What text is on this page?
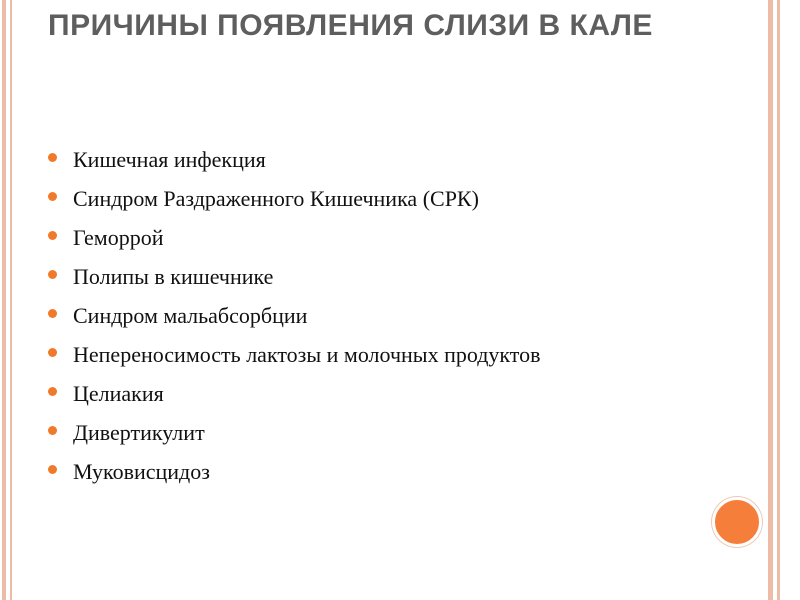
ПРИЧИНЫ ПОЯВЛЕНИЯ СЛИЗИ В КАЛЕ
Кишечная инфекция
Синдром Раздраженного Кишечника (СРК)
Геморрой
Полипы в кишечнике
Синдром мальабсорбции
Непереносимость лактозы и молочных продуктов
Целиакия
Дивертикулит
Муковисцидоз
